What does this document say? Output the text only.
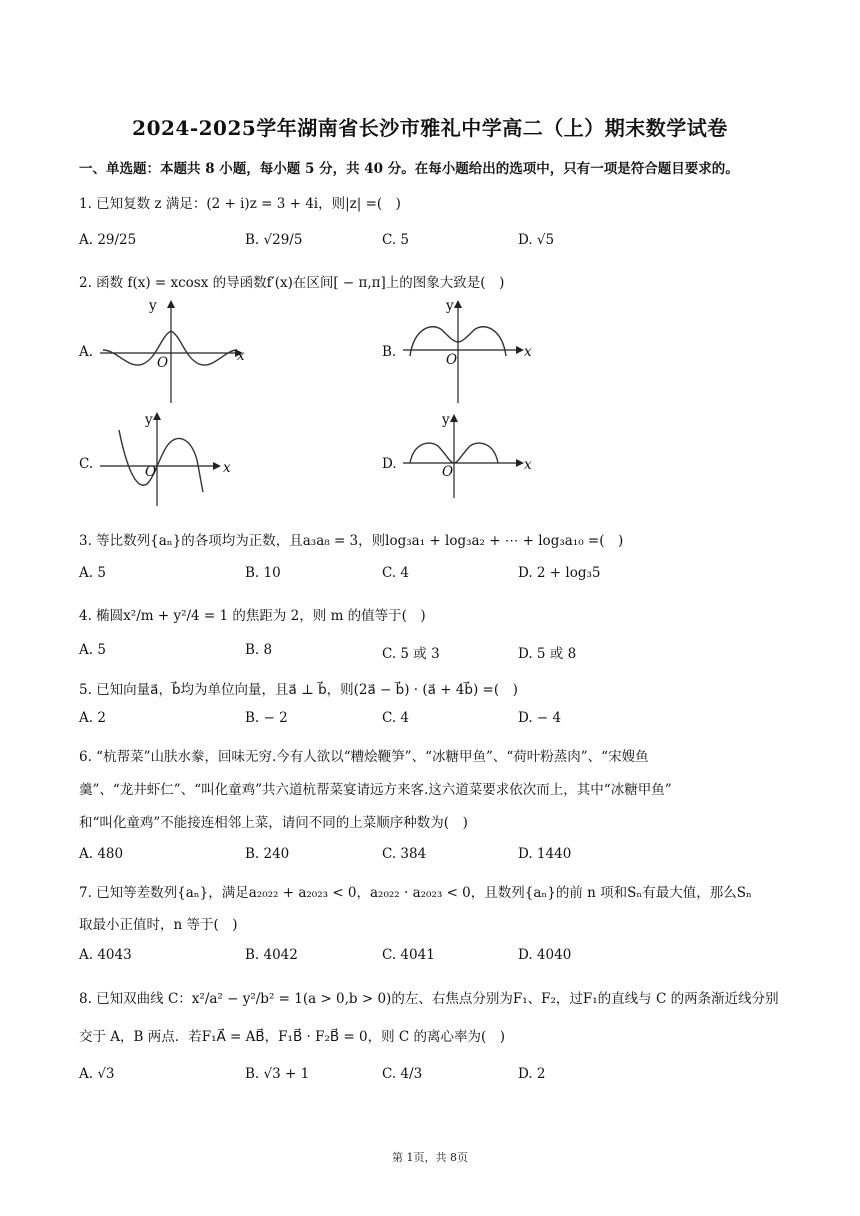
2024-2025学年湖南省长沙市雅礼中学高二（上）期末数学试卷
一、单选题：本题共 8 小题，每小题 5 分，共 40 分。在每小题给出的选项中，只有一项是符合题目要求的。
1. 已知复数 z 满足：(2 + i)z = 3 + 4i，则|z| =(　)
A. 29/25	B. √29/5	C. 5	D. √5
2. 函数 f(x) = xcosx 的导函数f′(x)在区间[ − π,π]上的图象大致是(　)
A.
y
x
O
B.
y
x
O
C.
y
x
O	D.
y
x
O
3. 等比数列{aₙ}的各项均为正数，且a₃a₈ = 3，则log₃a₁ + log₃a₂ + ⋯ + log₃a₁₀ =(　)
A. 5	B. 10	C. 4	D. 2 + log₃5
4. 椭圆x²/m + y²/4 = 1 的焦距为 2，则 m 的值等于(　)
A. 5	B. 8	C. 5 或 3	D. 5 或 8
5. 已知向量a⃗，b⃗均为单位向量，且a⃗ ⊥ b⃗，则(2a⃗ − b⃗) · (a⃗ + 4b⃗) =(　)
A. 2	B. − 2	C. 4	D. − 4
6. “杭帮菜”山肤水豢，回味无穷.今有人欲以“糟烩鞭笋”、“冰糖甲鱼”、“荷叶粉蒸肉”、“宋嫂鱼
羹”、“龙井虾仁”、“叫化童鸡”共六道杭帮菜宴请远方来客.这六道菜要求依次而上，其中“冰糖甲鱼”
和“叫化童鸡”不能接连相邻上菜，请问不同的上菜顺序种数为(　)
A. 480	B. 240	C. 384	D. 1440
7. 已知等差数列{aₙ}，满足a₂₀₂₂ + a₂₀₂₃ < 0，a₂₀₂₂ · a₂₀₂₃ < 0，且数列{aₙ}的前 n 项和Sₙ有最大值，那么Sₙ
取最小正值时，n 等于(　)
A. 4043	B. 4042	C. 4041	D. 4040
8. 已知双曲线 C：x²/a² − y²/b² = 1(a > 0,b > 0)的左、右焦点分别为F₁、F₂，过F₁的直线与 C 的两条渐近线分别
交于 A，B 两点．若F₁A⃗ = AB⃗，F₁B⃗ · F₂B⃗ = 0，则 C 的离心率为(　)
A. √3	B. √3 + 1	C. 4/3	D. 2
第 1页，共 8页
